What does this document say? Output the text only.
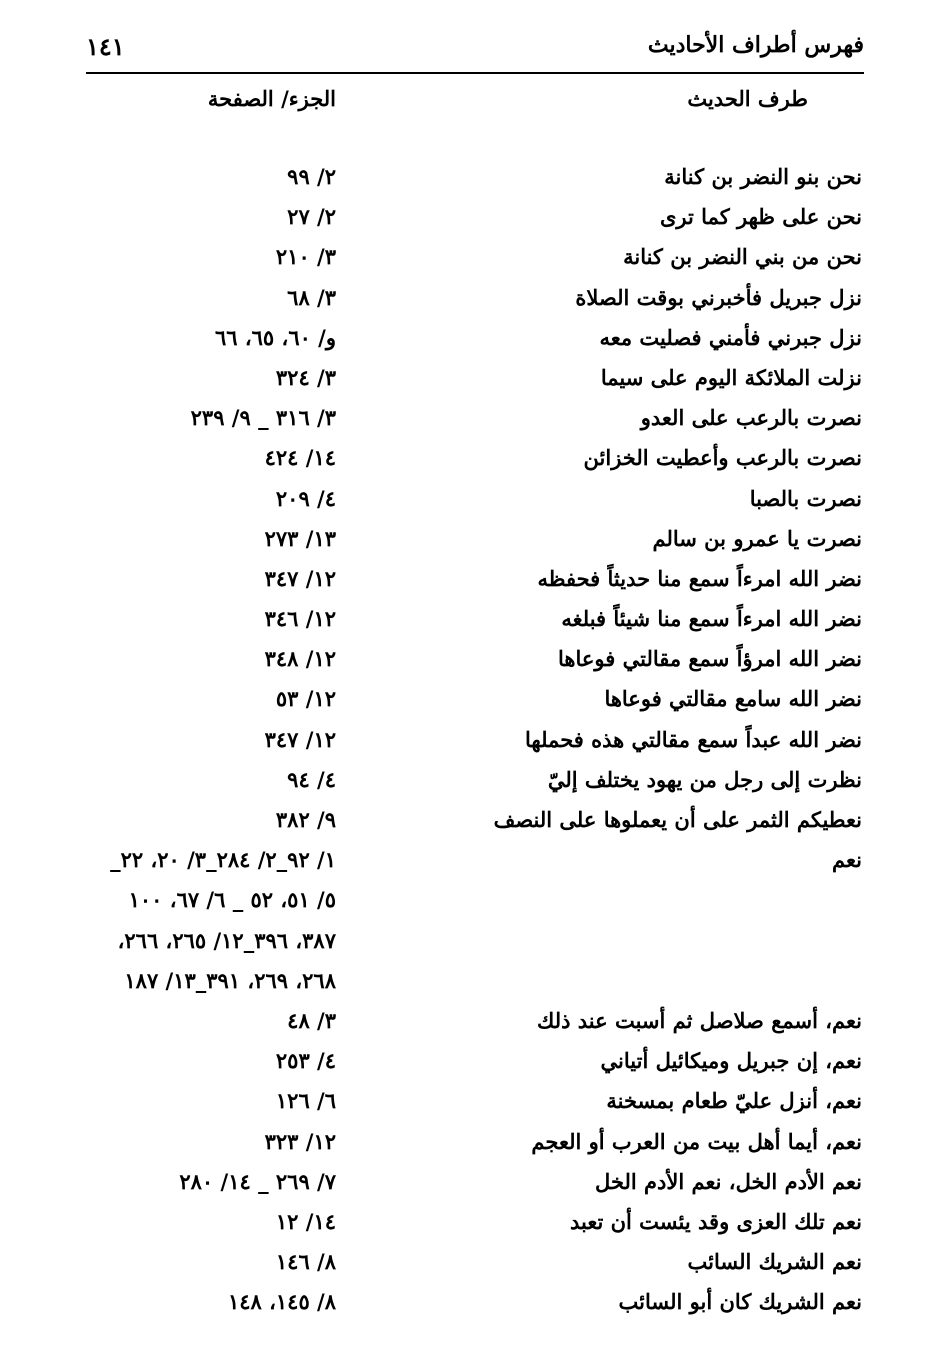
فهرس أطراف الأحاديث
١٤١
طرف الحديث
الجزء/ الصفحة
نحن بنو النضر بن كنانة
٢/ ٩٩
نحن على ظهر كما ترى
٢/ ٢٧
نحن من بني النضر بن كنانة
٣/ ٢١٠
نزل جبريل فأخبرني بوقت الصلاة
٣/ ٦٨
نزل جبرني فأمني فصليت معه
و/ ٦٠، ٦٥، ٦٦
نزلت الملائكة اليوم على سيما
٣/ ٣٢٤
نصرت بالرعب على العدو
٣/ ٣١٦ _ ٩/ ٢٣٩
نصرت بالرعب وأعطيت الخزائن
١٤/ ٤٢٤
نصرت بالصبا
٤/ ٢٠٩
نصرت يا عمرو بن سالم
١٣/ ٢٧٣
نضر الله امرءاً سمع منا حديثاً فحفظه
١٢/ ٣٤٧
نضر الله امرءاً سمع منا شيئاً فبلغه
١٢/ ٣٤٦
نضر الله امرؤاً سمع مقالتي فوعاها
١٢/ ٣٤٨
نضر الله سامع مقالتي فوعاها
١٢/ ٥٣
نضر الله عبداً سمع مقالتي هذه فحملها
١٢/ ٣٤٧
نظرت إلى رجل من يهود يختلف إليّ
٤/ ٩٤
نعطيكم الثمر على أن يعملوها على النصف
٩/ ٣٨٢
نعم
١/ ٩٢_٢/ ٢٨٤_٣/ ٢٠، ٢٢_
٥/ ٥١، ٥٢ _ ٦/ ٦٧، ١٠٠
٣٨٧، ٣٩٦_١٢/ ٢٦٥، ٢٦٦،
٢٦٨، ٢٦٩، ٣٩١_١٣/ ١٨٧
نعم، أسمع صلاصل ثم أسبت عند ذلك
٣/ ٤٨
نعم، إن جبريل وميكائيل أتياني
٤/ ٢٥٣
نعم، أنزل عليّ طعام بمسخنة
٦/ ١٢٦
نعم، أيما أهل بيت من العرب أو العجم
١٢/ ٣٢٣
نعم الأدم الخل، نعم الأدم الخل
٧/ ٢٦٩ _ ١٤/ ٢٨٠
نعم تلك العزى وقد يئست أن تعبد
١٤/ ١٢
نعم الشريك السائب
٨/ ١٤٦
نعم الشريك كان أبو السائب
٨/ ١٤٥، ١٤٨
